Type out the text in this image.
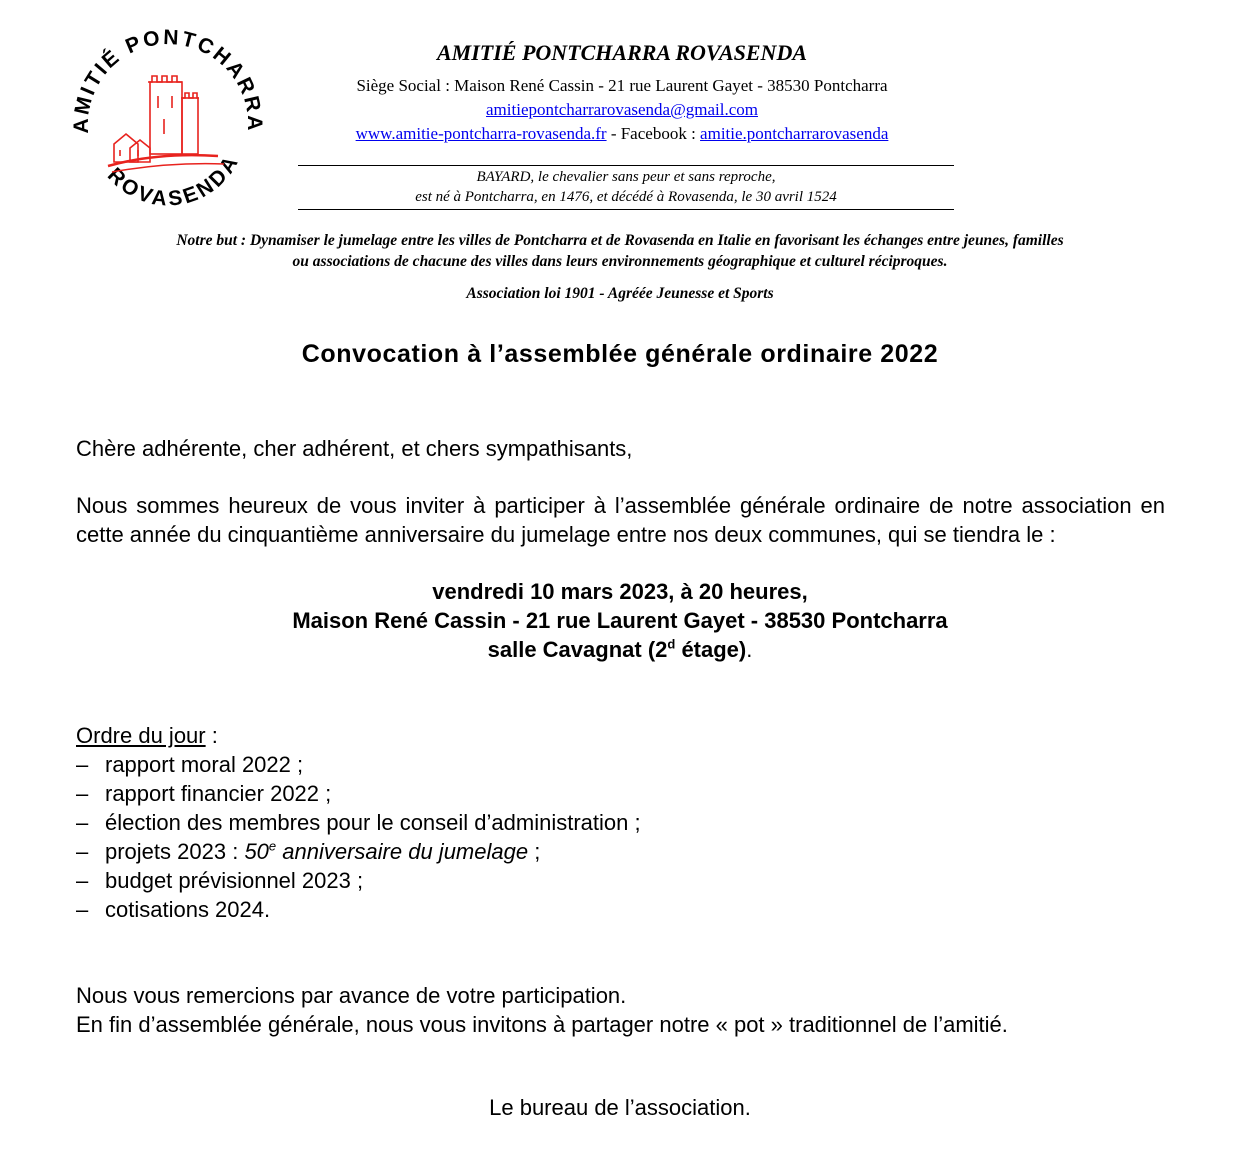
AMITIÉ PONTCHARRA
ROVASENDA
AMITIÉ PONTCHARRA ROVASENDA
Siège Social : Maison René Cassin - 21 rue Laurent Gayet - 38530 Pontcharra
amitiepontcharrarovasenda@gmail.com
www.amitie-pontcharra-rovasenda.fr - Facebook : amitie.pontcharrarovasenda
BAYARD, le chevalier sans peur et sans reproche,
est né à Pontcharra, en 1476, et décédé à Rovasenda, le 30 avril 1524
Notre but : Dynamiser le jumelage entre les villes de Pontcharra et de Rovasenda en Italie en favorisant les échanges entre jeunes, familles
ou associations de chacune des villes dans leurs environnements géographique et culturel réciproques.
Association loi 1901 - Agréée Jeunesse et Sports
Convocation à l’assemblée générale ordinaire 2022
Chère adhérente, cher adhérent, et chers sympathisants,
Nous sommes heureux de vous inviter à participer à l’assemblée générale ordinaire de notre association en cette année du cinquantième anniversaire du jumelage entre nos deux communes, qui se tiendra le :
vendredi 10 mars 2023, à 20 heures,
Maison René Cassin - 21 rue Laurent Gayet - 38530 Pontcharra
salle Cavagnat (2$^d$ étage).
Ordre du jour :
– rapport moral 2022 ;
– rapport financier 2022 ;
– élection des membres pour le conseil d’administration ;
– projets 2023 : 50e anniversaire du jumelage ;
– budget prévisionnel 2023 ;
– cotisations 2024.
Nous vous remercions par avance de votre participation.
En fin d’assemblée générale, nous vous invitons à partager notre « pot » traditionnel de l’amitié.
Le bureau de l’association.
